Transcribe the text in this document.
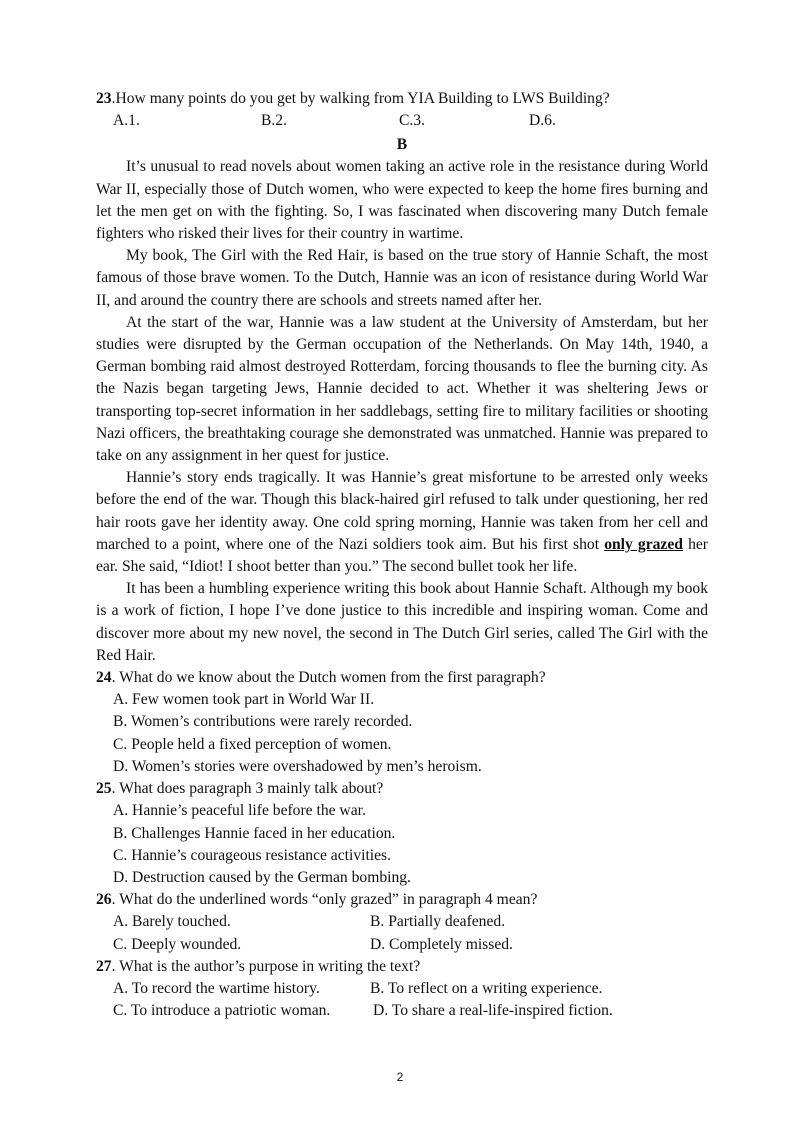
23.How many points do you get by walking from YIA Building to LWS Building?

A.1.	B.2.	C.3.	D.6.

B

It’s unusual to read novels about women taking an active role in the resistance during World War II, especially those of Dutch women, who were expected to keep the home fires burning and let the men get on with the fighting. So, I was fascinated when discovering many Dutch female fighters who risked their lives for their country in wartime.

My book, The Girl with the Red Hair, is based on the true story of Hannie Schaft, the most famous of those brave women. To the Dutch, Hannie was an icon of resistance during World War II, and around the country there are schools and streets named after her.

At the start of the war, Hannie was a law student at the University of Amsterdam, but her studies were disrupted by the German occupation of the Netherlands. On May 14th, 1940, a German bombing raid almost destroyed Rotterdam, forcing thousands to flee the burning city. As the Nazis began targeting Jews, Hannie decided to act. Whether it was sheltering Jews or transporting top-secret information in her saddlebags, setting fire to military facilities or shooting Nazi officers, the breathtaking courage she demonstrated was unmatched. Hannie was prepared to take on any assignment in her quest for justice.

Hannie’s story ends tragically. It was Hannie’s great misfortune to be arrested only weeks before the end of the war. Though this black-haired girl refused to talk under questioning, her red hair roots gave her identity away. One cold spring morning, Hannie was taken from her cell and marched to a point, where one of the Nazi soldiers took aim. But his first shot only grazed her ear. She said, “Idiot! I shoot better than you.” The second bullet took her life.

It has been a humbling experience writing this book about Hannie Schaft. Although my book is a work of fiction, I hope I’ve done justice to this incredible and inspiring woman. Come and discover more about my new novel, the second in The Dutch Girl series, called The Girl with the Red Hair.

24. What do we know about the Dutch women from the first paragraph?

A. Few women took part in World War II.

B. Women’s contributions were rarely recorded.

C. People held a fixed perception of women.

D. Women’s stories were overshadowed by men’s heroism.

25. What does paragraph 3 mainly talk about?

A. Hannie’s peaceful life before the war.

B. Challenges Hannie faced in her education.

C. Hannie’s courageous resistance activities.

D. Destruction caused by the German bombing.

26. What do the underlined words “only grazed” in paragraph 4 mean?

A. Barely touched.	B. Partially deafened.
C. Deeply wounded.	D. Completely missed.

27. What is the author’s purpose in writing the text?

A. To record the wartime history.	B. To reflect on a writing experience.
C. To introduce a patriotic woman.	D. To share a real-life-inspired fiction.
2
